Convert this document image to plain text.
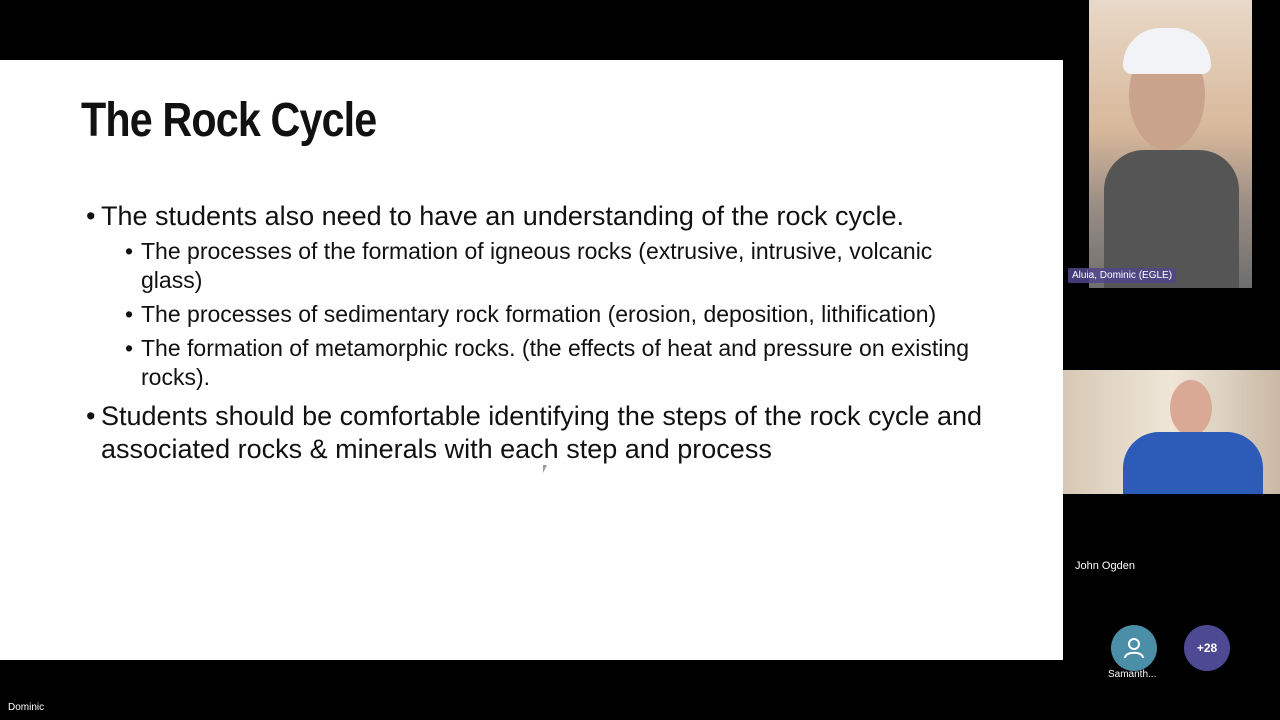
The Rock Cycle
• The students also need to have an understanding of the rock cycle.
• The processes of the formation of igneous rocks (extrusive, intrusive, volcanic glass)
• The processes of sedimentary rock formation (erosion, deposition, lithification)
• The formation of metamorphic rocks. (the effects of heat and pressure on existing rocks).
• Students should be comfortable identifying the steps of the rock cycle and associated rocks & minerals with each step and process
Aluia, Dominic (EGLE)
John Ogden
Samanth...
+28
Dominic
